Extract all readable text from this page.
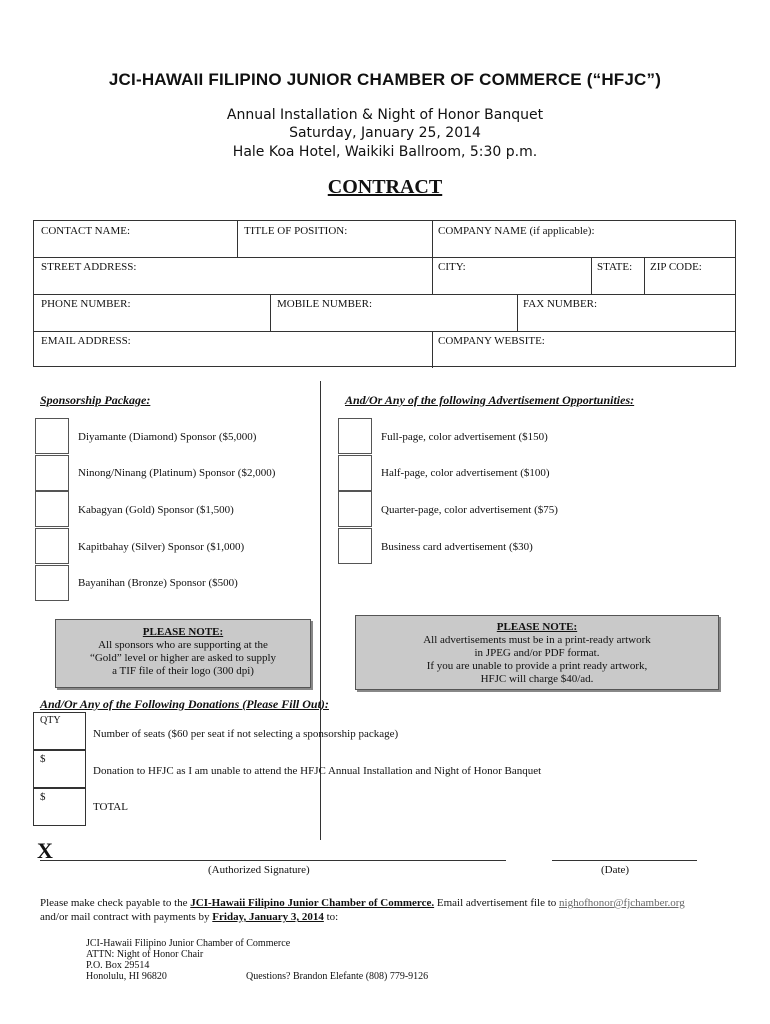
JCI-HAWAII FILIPINO JUNIOR CHAMBER OF COMMERCE (“HFJC”)
Annual Installation & Night of Honor Banquet
Saturday, January 25, 2014
Hale Koa Hotel, Waikiki Ballroom, 5:30 p.m.
CONTRACT
CONTACT NAME:	TITLE OF POSITION:	COMPANY NAME (if applicable):
STREET ADDRESS:	CITY:	STATE: ZIP CODE:
PHONE NUMBER:	MOBILE NUMBER:	FAX NUMBER:
EMAIL ADDRESS:	COMPANY WEBSITE:
Sponsorship Package:
Diyamante (Diamond) Sponsor ($5,000)
Ninong/Ninang (Platinum) Sponsor ($2,000)
Kabagyan (Gold) Sponsor ($1,500)
Kapitbahay (Silver) Sponsor ($1,000)
Bayanihan (Bronze) Sponsor ($500)
PLEASE NOTE:
All sponsors who are supporting at the
“Gold” level or higher are asked to supply
a TIF file of their logo (300 dpi)
And/Or Any of the following Advertisement Opportunities:
Full-page, color advertisement ($150)
Half-page, color advertisement ($100)
Quarter-page, color advertisement ($75)
Business card advertisement ($30)
PLEASE NOTE:
All advertisements must be in a print-ready artwork
in JPEG and/or PDF format.
If you are unable to provide a print ready artwork,
HFJC will charge $40/ad.
And/Or Any of the Following Donations (Please Fill Out):
QTY
Number of seats ($60 per seat if not selecting a sponsorship package)
$
Donation to HFJC as I am unable to attend the HFJC Annual Installation and Night of Honor Banquet
$
TOTAL
X
(Authorized Signature)	(Date)
Please make check payable to the JCI-Hawaii Filipino Junior Chamber of Commerce. Email advertisement file to nighofhonor@fjchamber.org
and/or mail contract with payments by Friday, January 3, 2014 to:
JCI-Hawaii Filipino Junior Chamber of Commerce
ATTN: Night of Honor Chair
P.O. Box 29514
Honolulu, HI 96820	Questions? Brandon Elefante (808) 779-9126
